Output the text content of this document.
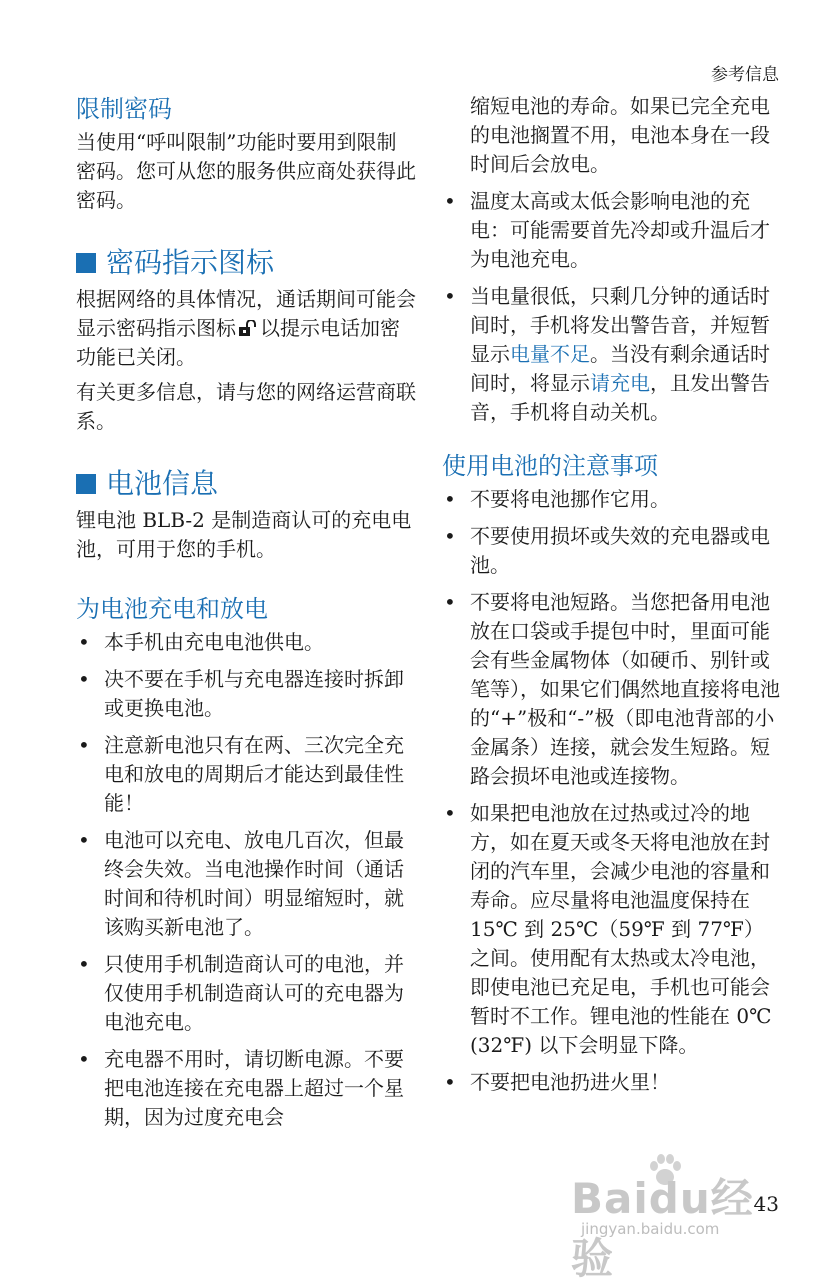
参考信息
限制密码

当使用“呼叫限制”功能时要用到限制密码。您可从您的服务供应商处获得此密码。

密码指示图标

根据网络的具体情况，通话期间可能会显示密码指示图标 以提示电话加密功能已关闭。

有关更多信息，请与您的网络运营商联系。

电池信息

锂电池 BLB-2 是制造商认可的充电电池，可用于您的手机。

为电池充电和放电
• 本手机由充电电池供电。
• 决不要在手机与充电器连接时拆卸或更换电池。
• 注意新电池只有在两、三次完全充电和放电的周期后才能达到最佳性能！
• 电池可以充电、放电几百次，但最终会失效。当电池操作时间（通话时间和待机时间）明显缩短时，就该购买新电池了。
• 只使用手机制造商认可的电池，并仅使用手机制造商认可的充电器为电池充电。
• 充电器不用时，请切断电源。不要把电池连接在充电器上超过一个星期，因为过度充电会

缩短电池的寿命。如果已完全充电的电池搁置不用，电池本身在一段时间后会放电。

• 温度太高或太低会影响电池的充电：可能需要首先冷却或升温后才为电池充电。
• 当电量很低，只剩几分钟的通话时间时，手机将发出警告音，并短暂显示电量不足。当没有剩余通话时间时，将显示请充电，且发出警告音，手机将自动关机。
使用电池的注意事项
• 不要将电池挪作它用。
• 不要使用损坏或失效的充电器或电池。
• 不要将电池短路。当您把备用电池放在口袋或手提包中时，里面可能会有些金属物体（如硬币、别针或笔等），如果它们偶然地直接将电池的“+”极和“-”极（即电池背部的小金属条）连接，就会发生短路。短路会损坏电池或连接物。
• 如果把电池放在过热或过冷的地方，如在夏天或冬天将电池放在封闭的汽车里，会减少电池的容量和寿命。应尽量将电池温度保持在 15℃ 到 25℃（59℉ 到 77℉）之间。使用配有太热或太冷电池，即使电池已充足电，手机也可能会暂时不工作。锂电池的性能在 0℃ (32℉) 以下会明显下降。
• 不要把电池扔进火里！
Baidu经验
jingyan.baidu.com
43
